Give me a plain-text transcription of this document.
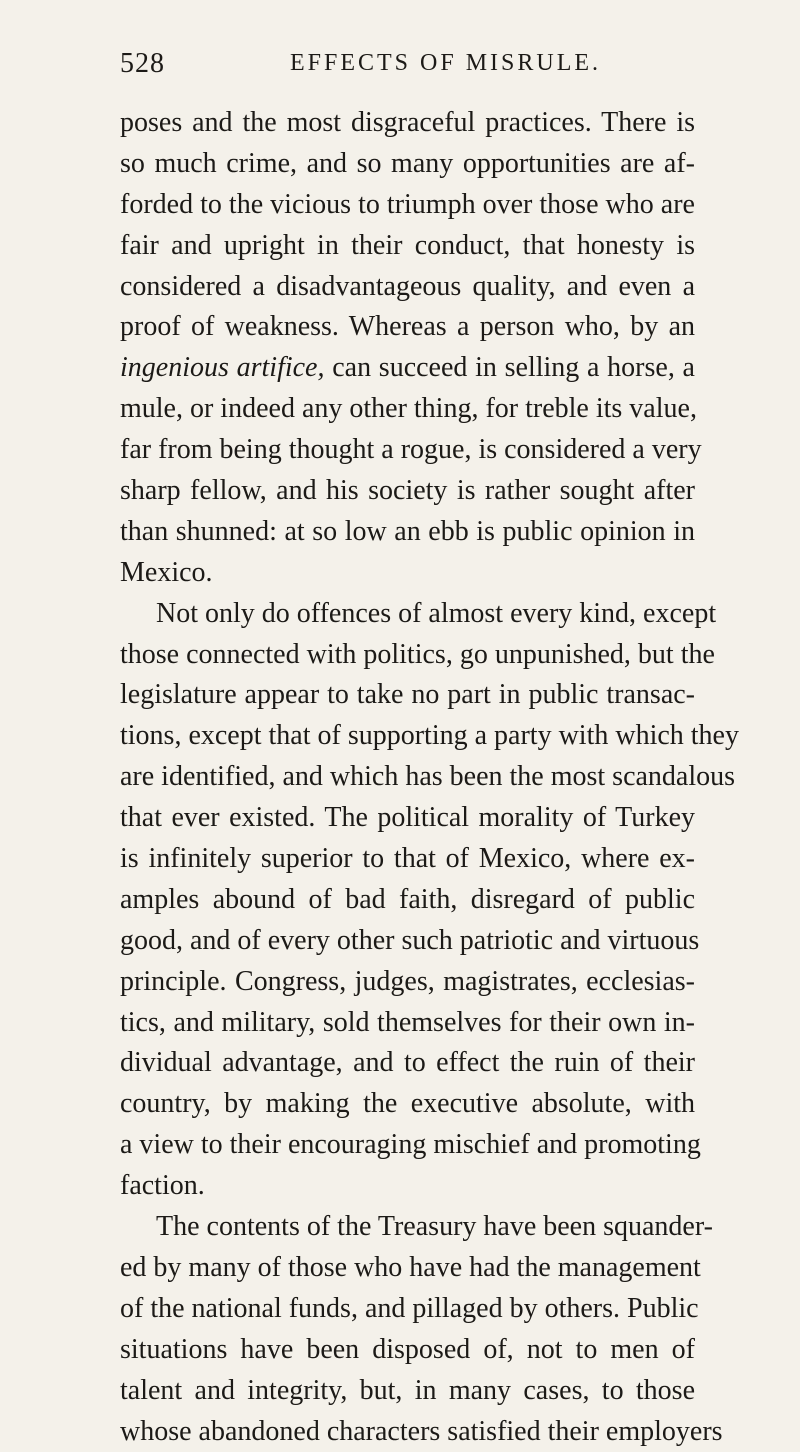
528	EFFECTS OF MISRULE.
poses and the most disgraceful practices. There is
so much crime, and so many opportunities are af-
forded to the vicious to triumph over those who are
fair and upright in their conduct, that honesty is
considered a disadvantageous quality, and even a
proof of weakness. Whereas a person who, by an
ingenious artifice, can succeed in selling a horse, a
mule, or indeed any other thing, for treble its value,
far from being thought a rogue, is considered a very
sharp fellow, and his society is rather sought after
than shunned: at so low an ebb is public opinion in
Mexico.
Not only do offences of almost every kind, except
those connected with politics, go unpunished, but the
legislature appear to take no part in public transac-
tions, except that of supporting a party with which they
are identified, and which has been the most scandalous
that ever existed. The political morality of Turkey
is infinitely superior to that of Mexico, where ex-
amples abound of bad faith, disregard of public
good, and of every other such patriotic and virtuous
principle. Congress, judges, magistrates, ecclesias-
tics, and military, sold themselves for their own in-
dividual advantage, and to effect the ruin of their
country, by making the executive absolute, with
a view to their encouraging mischief and promoting
faction.
The contents of the Treasury have been squander-
ed by many of those who have had the management
of the national funds, and pillaged by others. Public
situations have been disposed of, not to men of
talent and integrity, but, in many cases, to those
whose abandoned characters satisfied their employers
